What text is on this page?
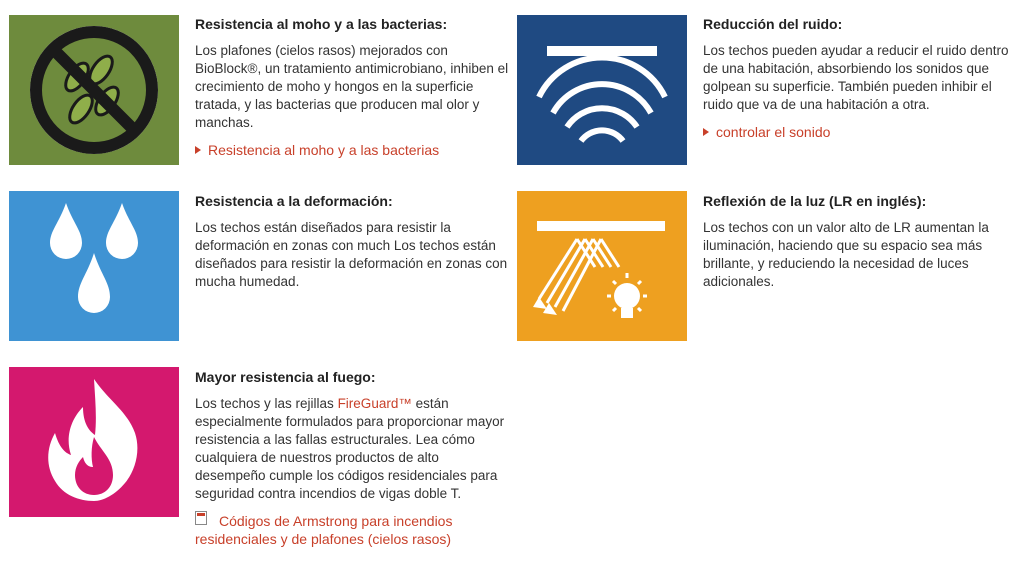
Resistencia al moho y a las bacterias:

Los plafones (cielos rasos) mejorados con BioBlock®, un tratamiento antimicrobiano, inhiben el crecimiento de moho y hongos en la superficie tratada, y las bacterias que producen mal olor y manchas.

Resistencia al moho y a las bacterias

Reducción del ruido:

Los techos pueden ayudar a reducir el ruido dentro de una habitación, absorbiendo los sonidos que golpean su superficie. También pueden inhibir el ruido que va de una habitación a otra.

controlar el sonido

Resistencia a la deformación:

Los techos están diseñados para resistir la deformación en zonas con much Los techos están diseñados para resistir la deformación en zonas con mucha humedad.

Reflexión de la luz (LR en inglés):

Los techos con un valor alto de LR aumentan la iluminación, haciendo que su espacio sea más brillante, y reduciendo la necesidad de luces adicionales.

Mayor resistencia al fuego:

Los techos y las rejillas FireGuard™ están especialmente formulados para proporcionar mayor resistencia a las fallas estructurales. Lea cómo cualquiera de nuestros productos de alto desempeño cumple los códigos residenciales para seguridad contra incendios de vigas doble T.

Códigos de Armstrong para incendios residenciales y de plafones (cielos rasos)
